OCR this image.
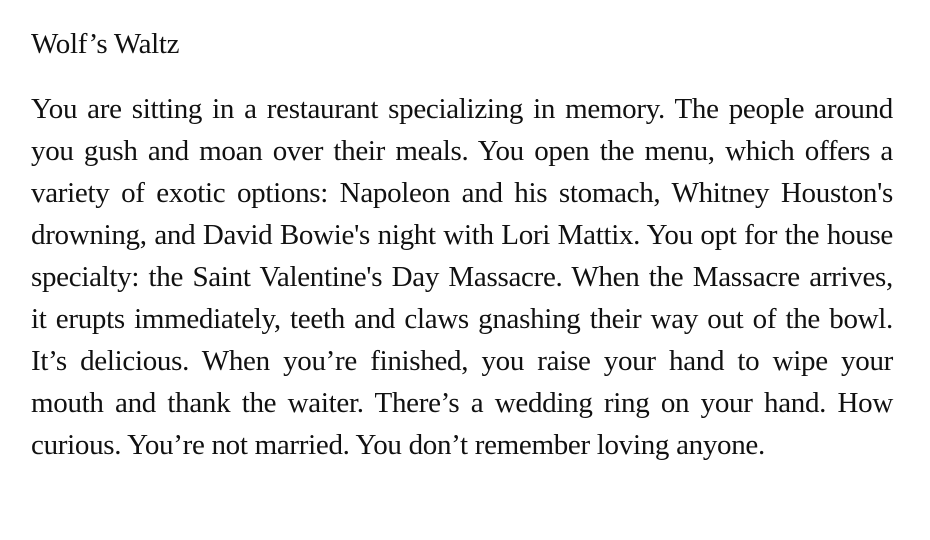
Wolf’s Waltz

You are sitting in a restaurant specializing in memory. The people around you gush and moan over their meals. You open the menu, which offers a variety of exotic options: Napoleon and his stomach, Whitney Houston's drowning, and David Bowie's night with Lori Mattix. You opt for the house specialty: the Saint Valentine's Day Massacre. When the Massacre arrives, it erupts immediately, teeth and claws gnashing their way out of the bowl. It’s delicious. When you’re finished, you raise your hand to wipe your mouth and thank the waiter. There’s a wedding ring on your hand. How curious. You’re not married. You don’t remember loving anyone.
